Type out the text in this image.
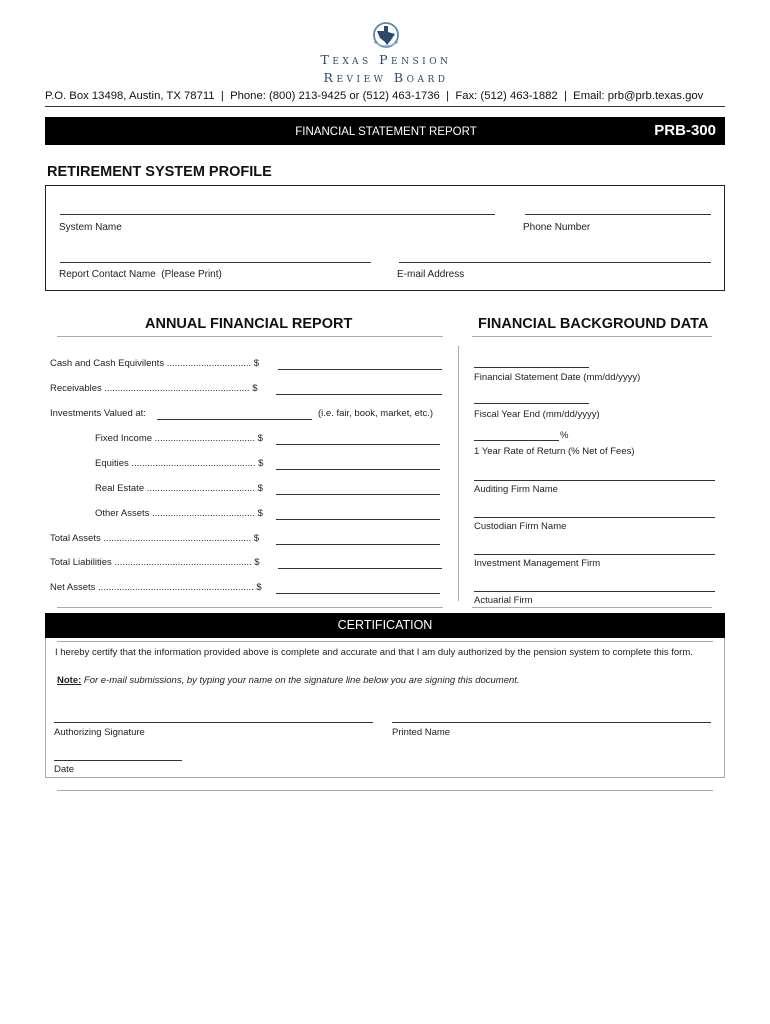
Texas Pension
Review Board
P.O. Box 13498, Austin, TX 78711  |  Phone: (800) 213-9425 or (512) 463-1736  |  Fax: (512) 463-1882  |  Email: prb@prb.texas.gov
FINANCIAL STATEMENT REPORT	PRB-300
RETIREMENT SYSTEM PROFILE
System Name	Phone Number
Report Contact Name  (Please Print)	E-mail Address
ANNUAL FINANCIAL REPORT	FINANCIAL BACKGROUND DATA
Cash and Cash Equivilents ................................ $
Receivables ....................................................... $
Investments Valued at:	(i.e. fair, book, market, etc.)
Fixed Income ...................................... $
Equities ............................................... $
Real Estate ......................................... $
Other Assets ....................................... $
Total Assets ........................................................ $
Total Liabilities .................................................... $
Net Assets ........................................................... $
Financial Statement Date (mm/dd/yyyy)
Fiscal Year End (mm/dd/yyyy)
%
1 Year Rate of Return (% Net of Fees)
Auditing Firm Name
Custodian Firm Name
Investment Management Firm
Actuarial Firm
CERTIFICATION
I hereby certify that the information provided above is complete and accurate and that I am duly authorized by the pension system to complete this form.
Note: For e-mail submissions, by typing your name on the signature line below you are signing this document.
Authorizing Signature	Printed Name
Date
